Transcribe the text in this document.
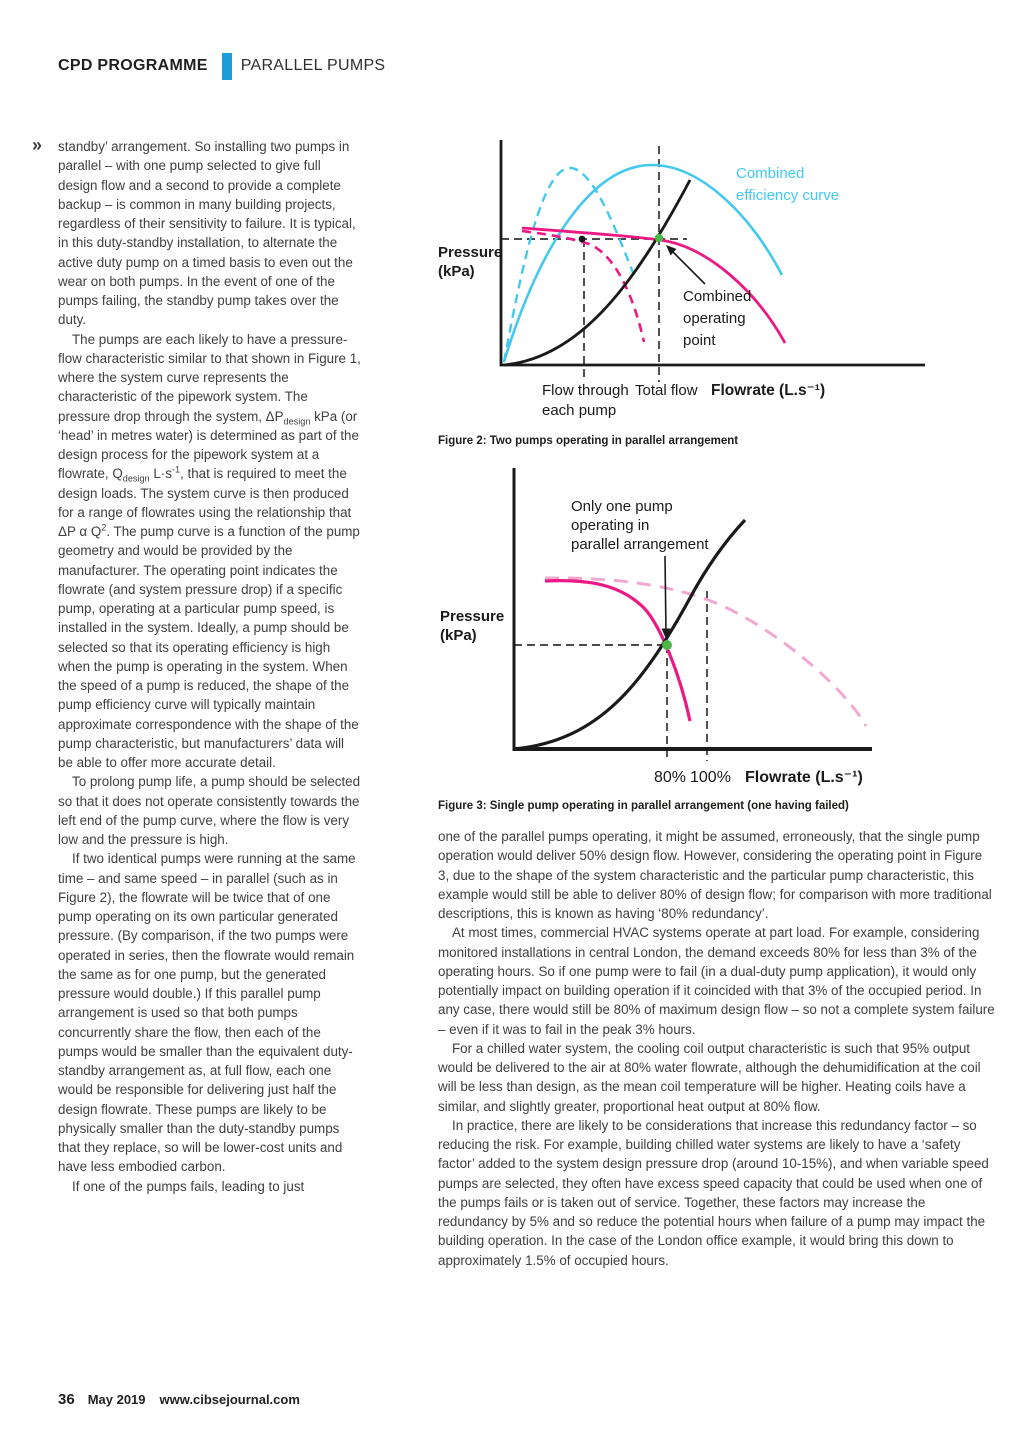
CPD PROGRAMME PARALLEL PUMPS
» standby’ arrangement. So installing two pumps in parallel – with one pump selected to give full design flow and a second to provide a complete backup – is common in many building projects, regardless of their sensitivity to failure. It is typical, in this duty-standby installation, to alternate the active duty pump on a timed basis to even out the wear on both pumps. In the event of one of the pumps failing, the standby pump takes over the duty.

The pumps are each likely to have a pressure-flow characteristic similar to that shown in Figure 1, where the system curve represents the characteristic of the pipework system. The pressure drop through the system, $\Delta P_{design}$ kPa (or ‘head’ in metres water) is determined as part of the design process for the pipework system at a flowrate, $Q_{design}$ $L\cdot s^{-1}$, that is required to meet the design loads. The system curve is then produced for a range of flowrates using the relationship that ΔP α $Q^2$. The pump curve is a function of the pump geometry and would be provided by the manufacturer. The operating point indicates the flowrate (and system pressure drop) if a specific pump, operating at a particular pump speed, is installed in the system. Ideally, a pump should be selected so that its operating efficiency is high when the pump is operating in the system. When the speed of a pump is reduced, the shape of the pump efficiency curve will typically maintain approximate correspondence with the shape of the pump characteristic, but manufacturers’ data will be able to offer more accurate detail.

To prolong pump life, a pump should be selected so that it does not operate consistently towards the left end of the pump curve, where the flow is very low and the pressure is high.

If two identical pumps were running at the same time – and same speed – in parallel (such as in Figure 2), the flowrate will be twice that of one pump operating on its own particular generated pressure. (By comparison, if the two pumps were operated in series, then the flowrate would remain the same as for one pump, but the generated pressure would double.) If this parallel pump arrangement is used so that both pumps concurrently share the flow, then each of the pumps would be smaller than the equivalent duty-standby arrangement as, at full flow, each one would be responsible for delivering just half the design flowrate. These pumps are likely to be physically smaller than the duty-standby pumps that they replace, so will be lower-cost units and have less embodied carbon.

If one of the pumps fails, leading to just

Pressure
(kPa)
Combined
efficiency curve
Combined
operating
point
Flow through
each pump
Total flow Flowrate (L.s⁻¹)
Figure 2: Two pumps operating in parallel arrangement
Only one pump
operating in
parallel arrangement
Pressure
(kPa)
80% 100% Flowrate (L.s⁻¹)
Figure 3: Single pump operating in parallel arrangement (one having failed)

one of the parallel pumps operating, it might be assumed, erroneously, that the single pump operation would deliver 50% design flow. However, considering the operating point in Figure 3, due to the shape of the system characteristic and the particular pump characteristic, this example would still be able to deliver 80% of design flow; for comparison with more traditional descriptions, this is known as having ‘80% redundancy’.

At most times, commercial HVAC systems operate at part load. For example, considering monitored installations in central London, the demand exceeds 80% for less than 3% of the operating hours. So if one pump were to fail (in a dual-duty pump application), it would only potentially impact on building operation if it coincided with that 3% of the occupied period. In any case, there would still be 80% of maximum design flow – so not a complete system failure – even if it was to fail in the peak 3% hours.

For a chilled water system, the cooling coil output characteristic is such that 95% output would be delivered to the air at 80% water flowrate, although the dehumidification at the coil will be less than design, as the mean coil temperature will be higher. Heating coils have a similar, and slightly greater, proportional heat output at 80% flow.

In practice, there are likely to be considerations that increase this redundancy factor – so reducing the risk. For example, building chilled water systems are likely to have a ‘safety factor’ added to the system design pressure drop (around 10-15%), and when variable speed pumps are selected, they often have excess speed capacity that could be used when one of the pumps fails or is taken out of service. Together, these factors may increase the redundancy by 5% and so reduce the potential hours when failure of a pump may impact the building operation. In the case of the London office example, it would bring this down to approximately 1.5% of occupied hours.

36 May 2019 www.cibsejournal.com
